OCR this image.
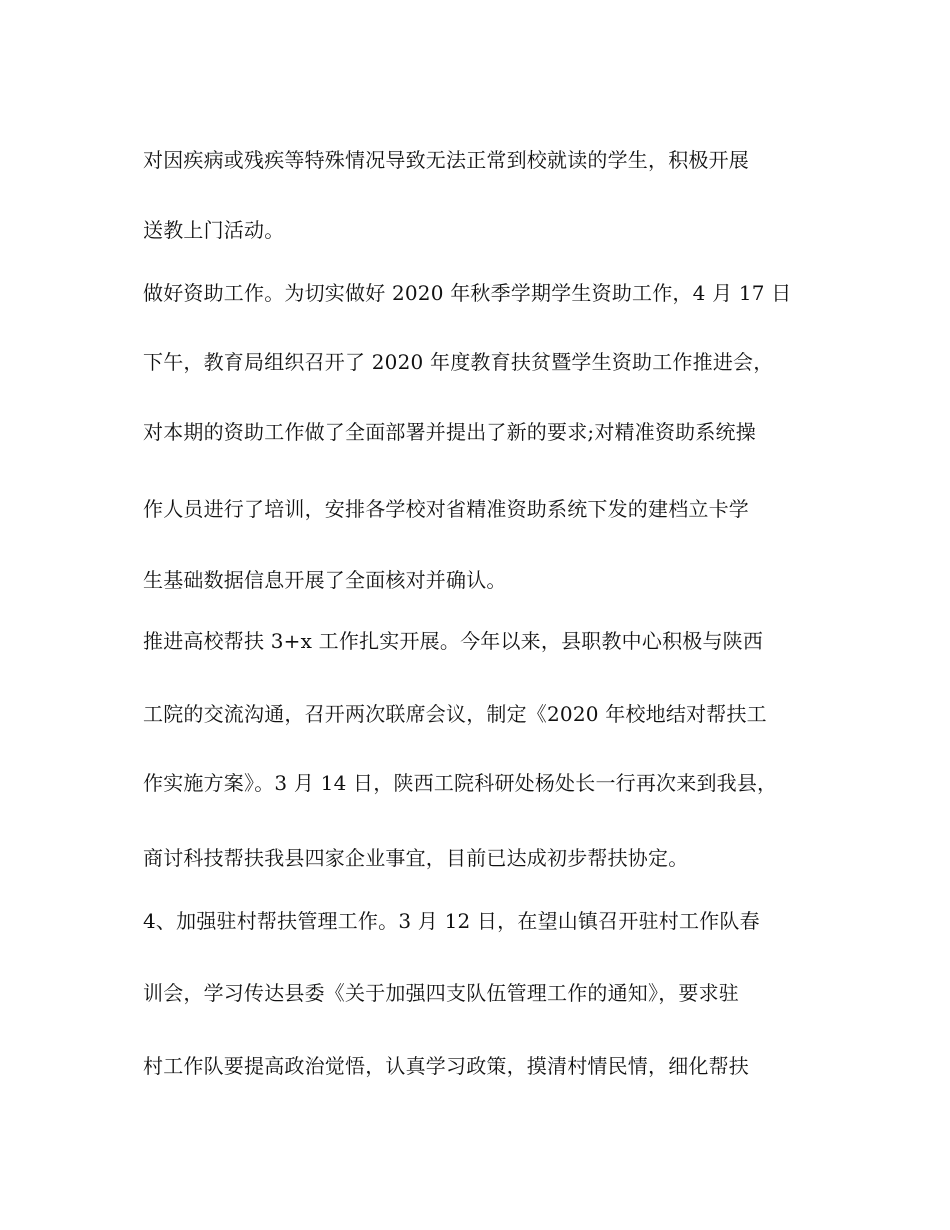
对因疾病或残疾等特殊情况导致无法正常到校就读的学生，积极开展
送教上门活动。
做好资助工作。为切实做好 2020 年秋季学期学生资助工作，4 月 17 日
下午，教育局组织召开了 2020 年度教育扶贫暨学生资助工作推进会，
对本期的资助工作做了全面部署并提出了新的要求;对精准资助系统操
作人员进行了培训，安排各学校对省精准资助系统下发的建档立卡学
生基础数据信息开展了全面核对并确认。
推进高校帮扶 3+x 工作扎实开展。今年以来，县职教中心积极与陕西
工院的交流沟通，召开两次联席会议，制定《2020 年校地结对帮扶工
作实施方案》。3 月 14 日，陕西工院科研处杨处长一行再次来到我县，
商讨科技帮扶我县四家企业事宜，目前已达成初步帮扶协定。
4、加强驻村帮扶管理工作。3 月 12 日，在望山镇召开驻村工作队春
训会，学习传达县委《关于加强四支队伍管理工作的通知》，要求驻
村工作队要提高政治觉悟，认真学习政策，摸清村情民情，细化帮扶
